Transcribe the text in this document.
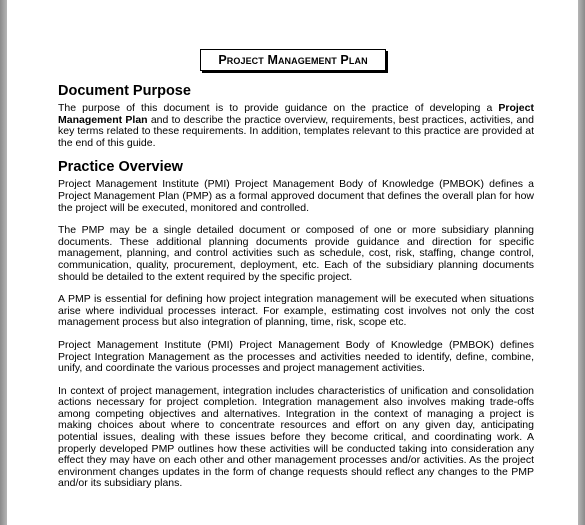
Project Management Plan
Document Purpose

The purpose of this document is to provide guidance on the practice of developing a Project Management Plan and to describe the practice overview, requirements, best practices, activities, and key terms related to these requirements. In addition, templates relevant to this practice are provided at the end of this guide.

Practice Overview

Project Management Institute (PMI) Project Management Body of Knowledge (PMBOK) defines a Project Management Plan (PMP) as a formal approved document that defines the overall plan for how the project will be executed, monitored and controlled.

The PMP may be a single detailed document or composed of one or more subsidiary planning documents. These additional planning documents provide guidance and direction for specific management, planning, and control activities such as schedule, cost, risk, staffing, change control, communication, quality, procurement, deployment, etc. Each of the subsidiary planning documents should be detailed to the extent required by the specific project.

A PMP is essential for defining how project integration management will be executed when situations arise where individual processes interact. For example, estimating cost involves not only the cost management process but also integration of planning, time, risk, scope etc.

Project Management Institute (PMI) Project Management Body of Knowledge (PMBOK) defines Project Integration Management as the processes and activities needed to identify, define, combine, unify, and coordinate the various processes and project management activities.

In context of project management, integration includes characteristics of unification and consolidation actions necessary for project completion. Integration management also involves making trade-offs among competing objectives and alternatives. Integration in the context of managing a project is making choices about where to concentrate resources and effort on any given day, anticipating potential issues, dealing with these issues before they become critical, and coordinating work. A properly developed PMP outlines how these activities will be conducted taking into consideration any effect they may have on each other and other management processes and/or activities. As the project environment changes updates in the form of change requests should reflect any changes to the PMP and/or its subsidiary plans.
